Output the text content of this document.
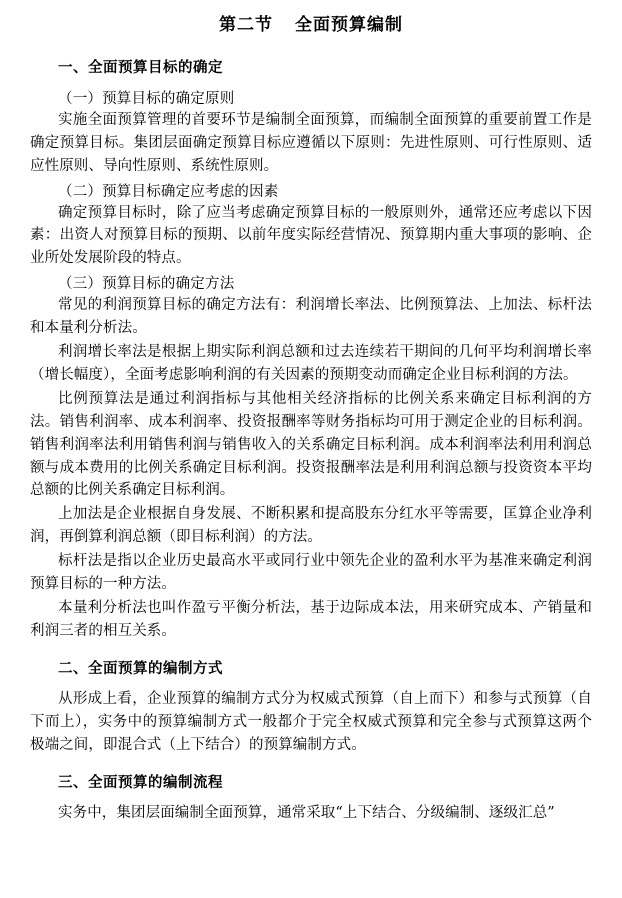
第二节 全面预算编制
一、全面预算目标的确定
（一）预算目标的确定原则

实施全面预算管理的首要环节是编制全面预算，而编制全面预算的重要前置工作是确定预算目标。集团层面确定预算目标应遵循以下原则：先进性原则、可行性原则、适应性原则、导向性原则、系统性原则。

（二）预算目标确定应考虑的因素

确定预算目标时，除了应当考虑确定预算目标的一般原则外，通常还应考虑以下因素：出资人对预算目标的预期、以前年度实际经营情况、预算期内重大事项的影响、企业所处发展阶段的特点。

（三）预算目标的确定方法

常见的利润预算目标的确定方法有：利润增长率法、比例预算法、上加法、标杆法和本量利分析法。

利润增长率法是根据上期实际利润总额和过去连续若干期间的几何平均利润增长率（增长幅度），全面考虑影响利润的有关因素的预期变动而确定企业目标利润的方法。

比例预算法是通过利润指标与其他相关经济指标的比例关系来确定目标利润的方法。销售利润率、成本利润率、投资报酬率等财务指标均可用于测定企业的目标利润。销售利润率法利用销售利润与销售收入的关系确定目标利润。成本利润率法利用利润总额与成本费用的比例关系确定目标利润。投资报酬率法是利用利润总额与投资资本平均总额的比例关系确定目标利润。

上加法是企业根据自身发展、不断积累和提高股东分红水平等需要，匡算企业净利润，再倒算利润总额（即目标利润）的方法。

标杆法是指以企业历史最高水平或同行业中领先企业的盈利水平为基准来确定利润预算目标的一种方法。

本量利分析法也叫作盈亏平衡分析法，基于边际成本法，用来研究成本、产销量和利润三者的相互关系。

二、全面预算的编制方式

从形成上看，企业预算的编制方式分为权威式预算（自上而下）和参与式预算（自下而上），实务中的预算编制方式一般都介于完全权威式预算和完全参与式预算这两个极端之间，即混合式（上下结合）的预算编制方式。

三、全面预算的编制流程

实务中，集团层面编制全面预算，通常采取“上下结合、分级编制、逐级汇总”
